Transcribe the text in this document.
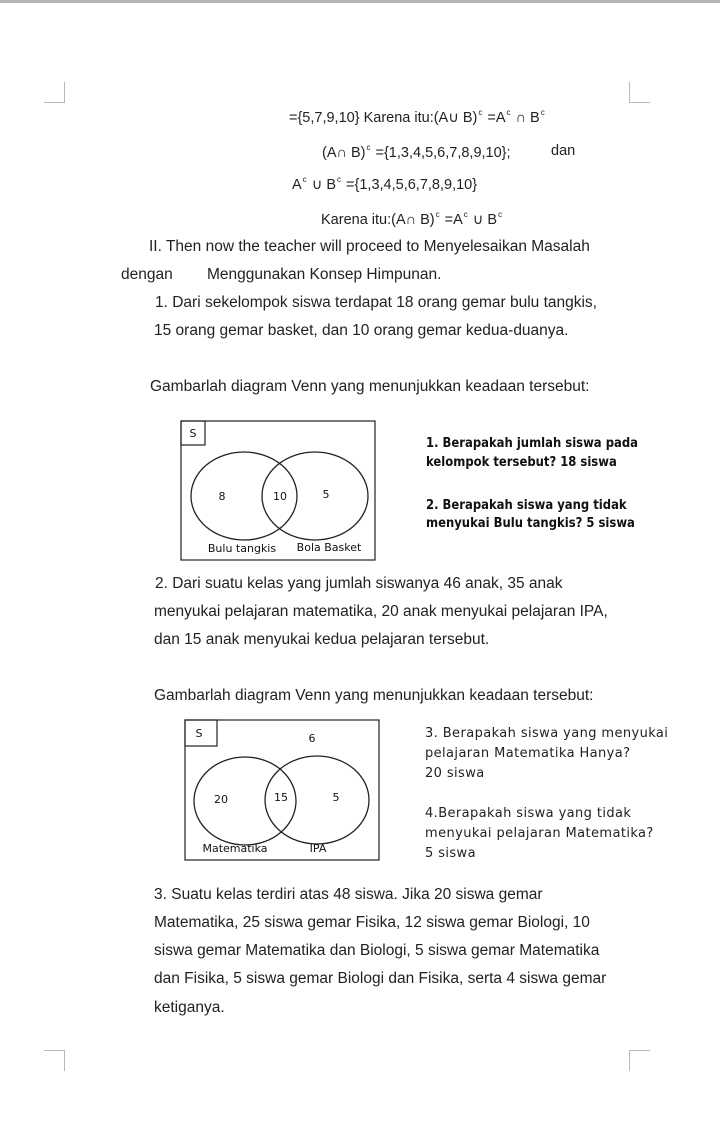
={5,7,9,10} Karena itu:(A∪ $B)^c =A^c$ ∩ $B^c$
(A∩ B)$^c$ ={1,3,4,5,6,7,8,9,10};	dan
$A^c$ ∪ $B^c =\{1,3,4,5,6,7,8,9,10\}$
Karena itu:(A∩ $B)^c =A^c$ ∪ $B^c$
II. Then now the teacher will proceed to Menyelesaikan Masalah
dengan Menggunakan Konsep Himpunan.
1. Dari sekelompok siswa terdapat 18 orang gemar bulu tangkis,
15 orang gemar basket, dan 10 orang gemar kedua-duanya.
Gambarlah diagram Venn yang menunjukkan keadaan tersebut:
S
8	10	5
Bulu tangkis Bola Basket
1. Berapakah jumlah siswa pada
kelompok tersebut? 18 siswa
2. Berapakah siswa yang tidak
menyukai Bulu tangkis? 5 siswa
2. Dari suatu kelas yang jumlah siswanya 46 anak, 35 anak
menyukai pelajaran matematika, 20 anak menyukai pelajaran IPA,
dan 15 anak menyukai kedua pelajaran tersebut.
Gambarlah diagram Venn yang menunjukkan keadaan tersebut:
S	6
20	15	5
Matematika	IPA
3. Berapakah siswa yang menyukai
pelajaran Matematika Hanya?
20 siswa
4.Berapakah siswa yang tidak
menyukai pelajaran Matematika?
5 siswa
3. Suatu kelas terdiri atas 48 siswa. Jika 20 siswa gemar
Matematika, 25 siswa gemar Fisika, 12 siswa gemar Biologi, 10
siswa gemar Matematika dan Biologi, 5 siswa gemar Matematika
dan Fisika, 5 siswa gemar Biologi dan Fisika, serta 4 siswa gemar
ketiganya.
